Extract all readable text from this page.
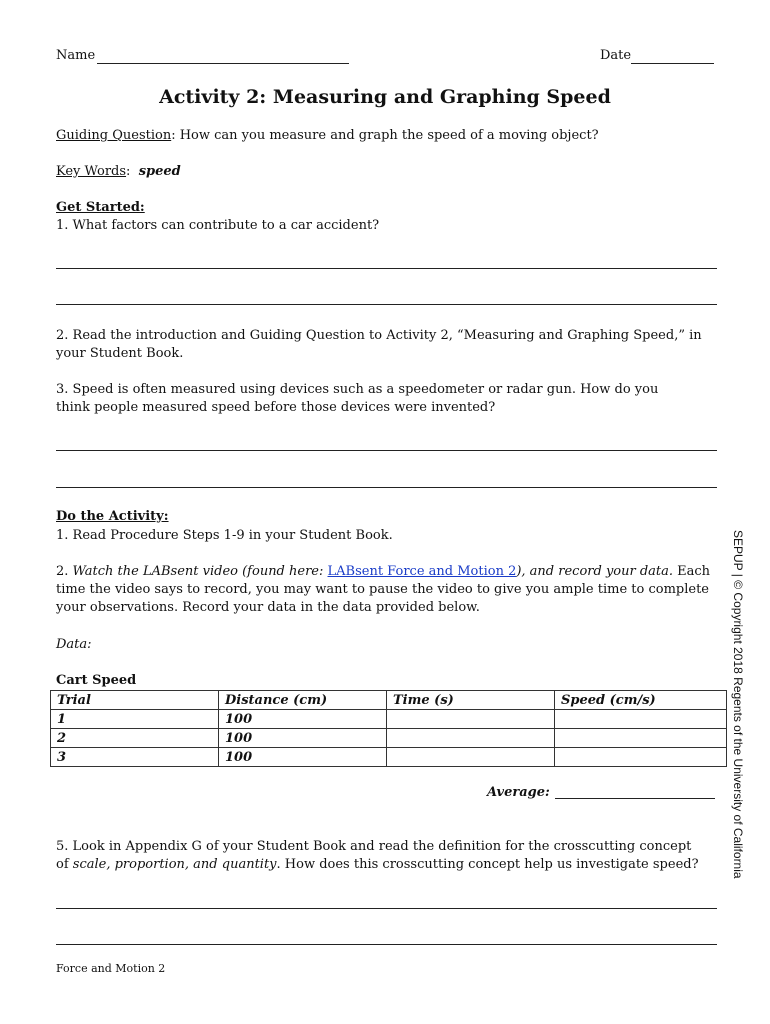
Name	Date
Activity 2: Measuring and Graphing Speed
Guiding Question: How can you measure and graph the speed of a moving object?
Key Words: speed
Get Started:
1. What factors can contribute to a car accident?
2. Read the introduction and Guiding Question to Activity 2, “Measuring and Graphing Speed,” in your Student Book.
3. Speed is often measured using devices such as a speedometer or radar gun. How do you think people measured speed before those devices were invented?
Do the Activity:
1. Read Procedure Steps 1-9 in your Student Book.
2. Watch the LABsent video (found here: LABsent Force and Motion 2), and record your data. Each time the video says to record, you may want to pause the video to give you ample time to complete your observations. Record your data in the data provided below.
Data:
Cart Speed
Trial	Distance (cm)	Time (s)	Speed (cm/s)
1	100		
2	100		
3	100		
Average:
5. Look in Appendix G of your Student Book and read the definition for the crosscutting concept of scale, proportion, and quantity. How does this crosscutting concept help us investigate speed?
Force and Motion 2
SEPUP | © Copyright 2018 Regents of the University of California
